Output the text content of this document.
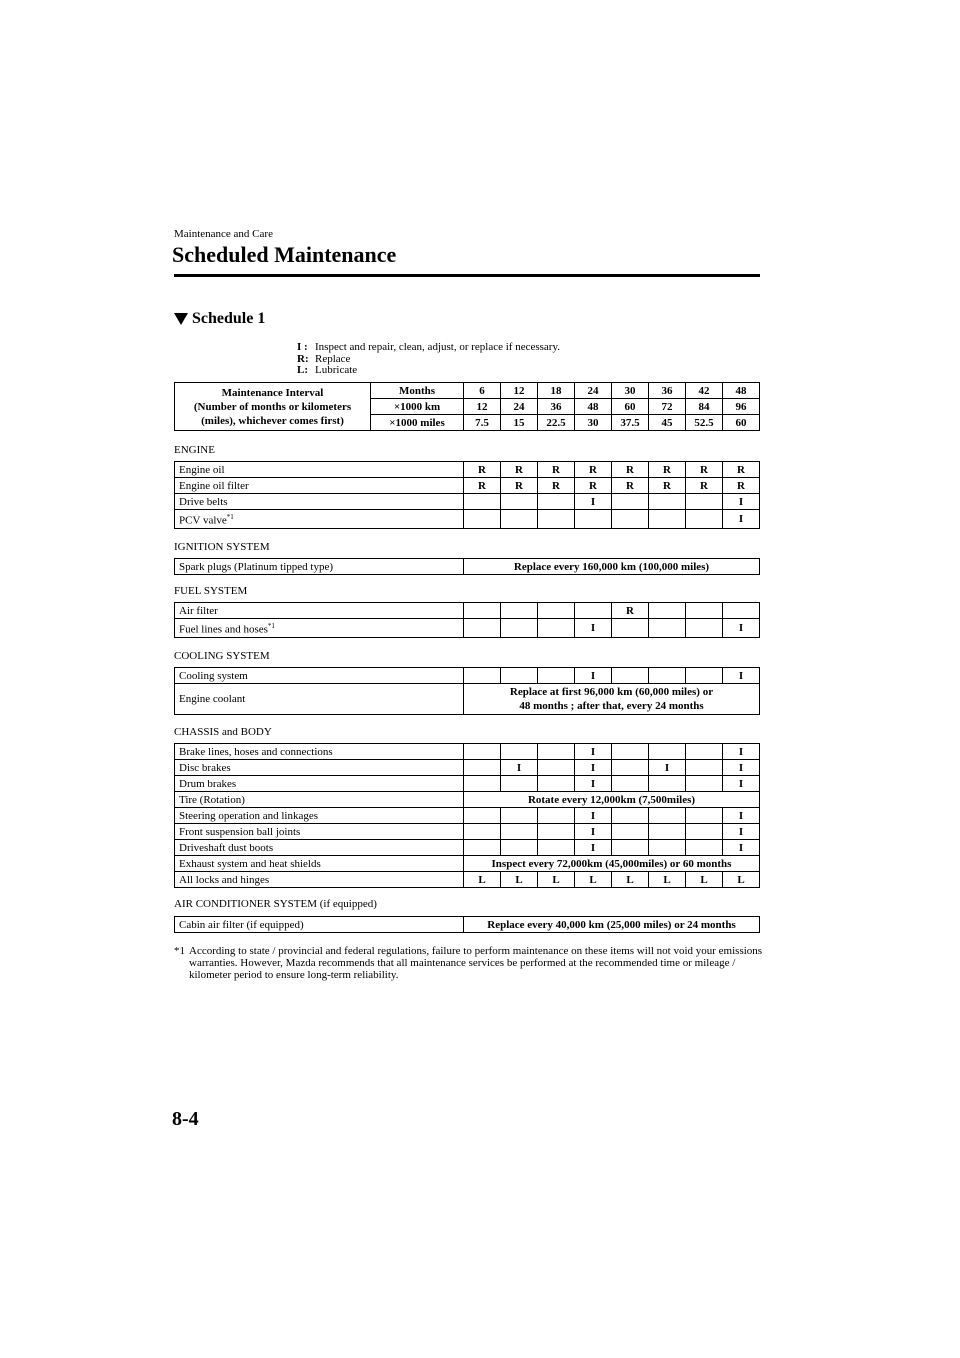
Maintenance and Care
Scheduled Maintenance
Schedule 1
I : Inspect and repair, clean, adjust, or replace if necessary.
R: Replace
L: Lubricate
Maintenance Interval
(Number of months or kilometers
(miles), whichever comes first)	Months	6	12	18	24	30	36	42	48
	×1000 km	12	24	36	48	60	72	84	96
	×1000 miles	7.5	15	22.5	30	37.5	45	52.5	60
ENGINE
Engine oil	R	R	R	R	R	R	R	R
Engine oil filter	R	R	R	R	R	R	R	R
Drive belts				I				I
PCV valve$^{*1}$								I
IGNITION SYSTEM
Spark plugs (Platinum tipped type)	Replace every 160,000 km (100,000 miles)
FUEL SYSTEM
Air filter					R			
Fuel lines and hoses$^{*1}$				I				I
COOLING SYSTEM
Cooling system				I				I
Engine coolant	Replace at first 96,000 km (60,000 miles) or
48 months ; after that, every 24 months							
CHASSIS and BODY
Brake lines, hoses and connections				I				I
Disc brakes		I		I		I		I
Drum brakes				I				I
Tire (Rotation)	Rotate every 12,000km (7,500miles)							
Steering operation and linkages				I				I
Front suspension ball joints				I				I
Driveshaft dust boots				I				I
Exhaust system and heat shields	Inspect every 72,000km (45,000miles) or 60 months							
All locks and hinges	L	L	L	L	L	L	L	L
AIR CONDITIONER SYSTEM (if equipped)
Cabin air filter (if equipped)	Replace every 40,000 km (25,000 miles) or 24 months
*1 According to state / provincial and federal regulations, failure to perform maintenance on these items will not void your emissions warranties. However, Mazda recommends that all maintenance services be performed at the recommended time or mileage / kilometer period to ensure long-term reliability.
8-4
